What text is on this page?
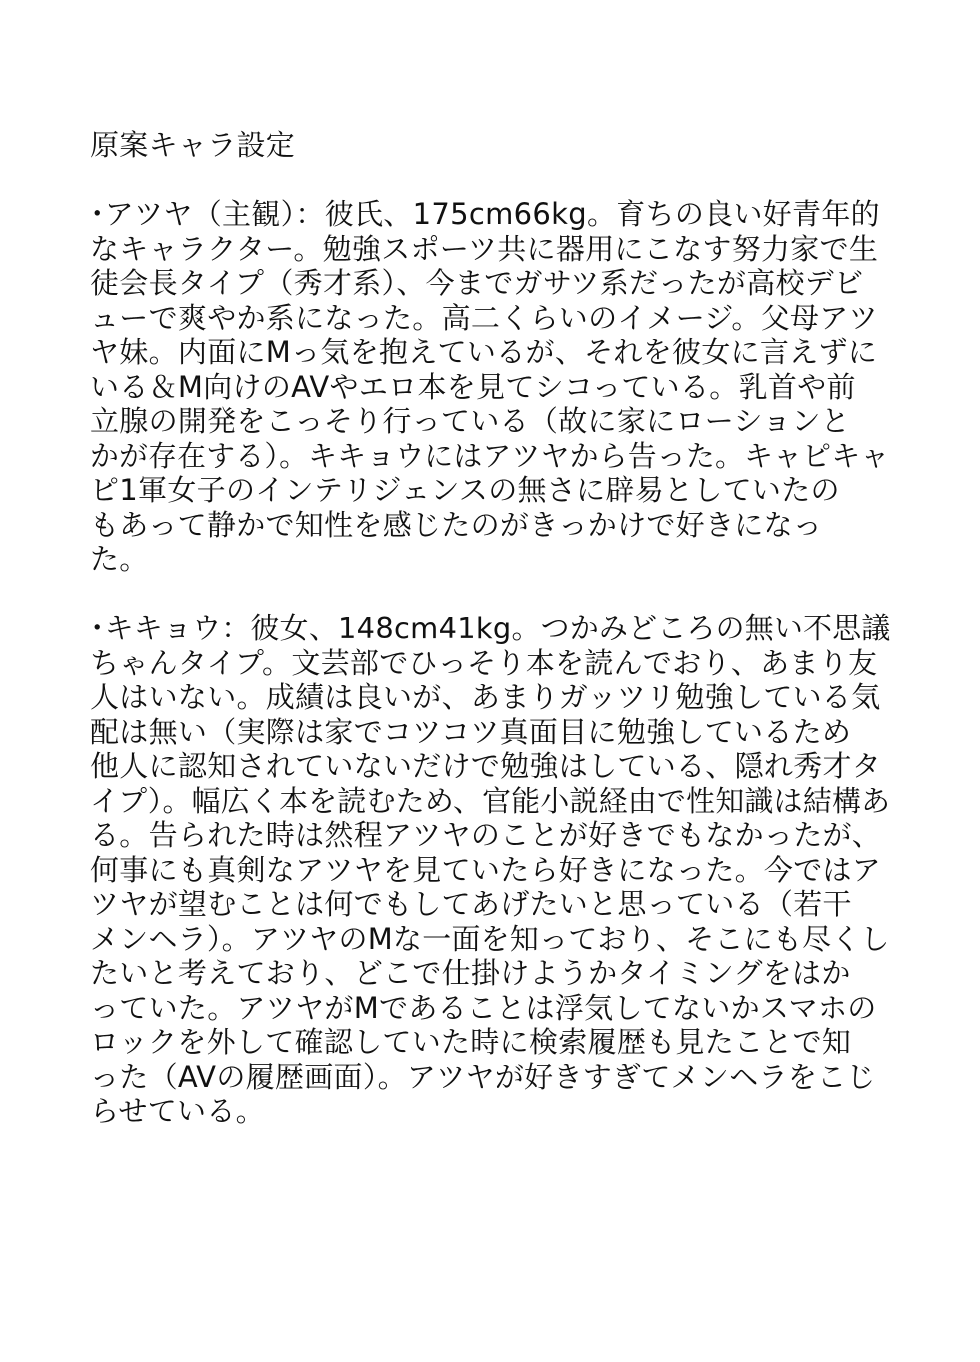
原案キャラ設定
･アツヤ（主観）：彼氏、175cm66kg。育ちの良い好青年的
なキャラクター。勉強スポーツ共に器用にこなす努力家で生
徒会長タイプ（秀才系）、今までガサツ系だったが高校デビ
ューで爽やか系になった。高二くらいのイメージ。父母アツ
ヤ妹。内面にMっ気を抱えているが、それを彼女に言えずに
いる＆M向けのAVやエロ本を見てシコっている。乳首や前
立腺の開発をこっそり行っている（故に家にローションと
かが存在する）。キキョウにはアツヤから告った。キャピキャ
ピ1軍女子のインテリジェンスの無さに辟易としていたの
もあって静かで知性を感じたのがきっかけで好きになっ
た。
･キキョウ：彼女、148cm41kg。つかみどころの無い不思議
ちゃんタイプ。文芸部でひっそり本を読んでおり、あまり友
人はいない。成績は良いが、あまりガッツリ勉強している気
配は無い（実際は家でコツコツ真面目に勉強しているため
他人に認知されていないだけで勉強はしている、隠れ秀才タ
イプ）。幅広く本を読むため、官能小説経由で性知識は結構あ
る。告られた時は然程アツヤのことが好きでもなかったが、
何事にも真剣なアツヤを見ていたら好きになった。今ではア
ツヤが望むことは何でもしてあげたいと思っている（若干
メンヘラ）。アツヤのMな一面を知っており、そこにも尽くし
たいと考えており、どこで仕掛けようかタイミングをはか
っていた。アツヤがMであることは浮気してないかスマホの
ロックを外して確認していた時に検索履歴も見たことで知
った（AVの履歴画面）。アツヤが好きすぎてメンヘラをこじ
らせている。
